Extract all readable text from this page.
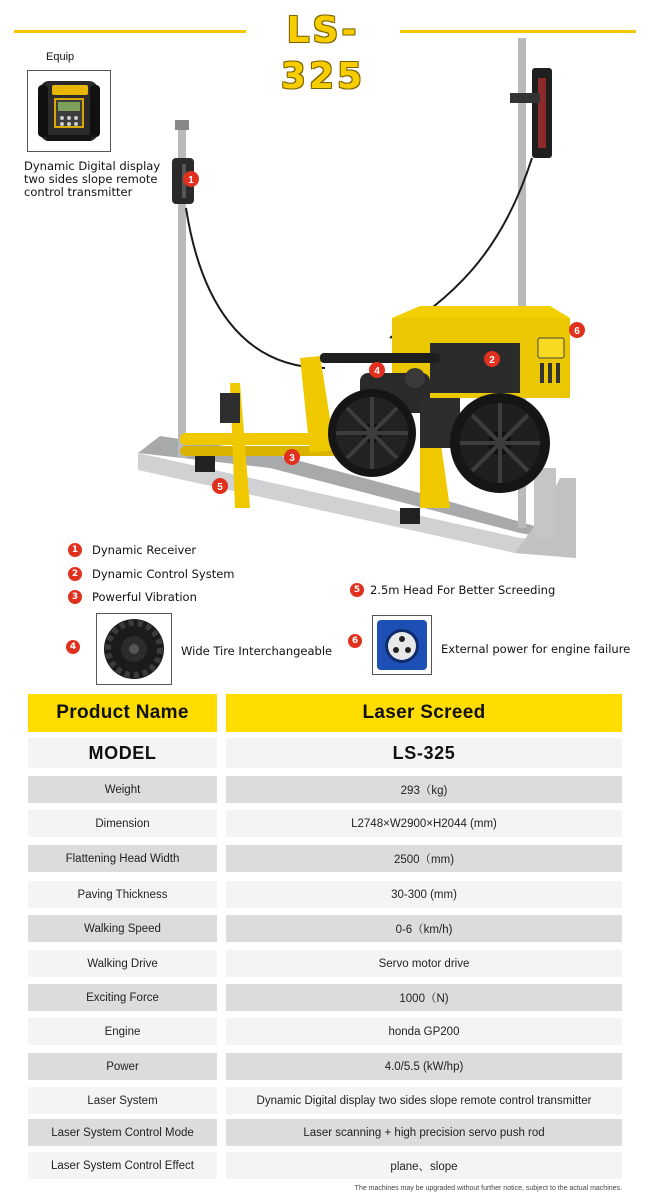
LS-325
Equip
Dynamic Digital display two sides slope remote control transmitter
1
2
3
4
5
6
1	Dynamic Receiver
2	Dynamic Control System
3	Powerful Vibration	5 2.5m Head For Better Screeding
4	Wide Tire Interchangeable
6
External power for engine failure
Product Name	Laser Screed
MODEL	LS-325
Weight	293（kg)
Dimension	L2748×W2900×H2044 (mm)
Flattening Head Width	2500（mm)
Paving Thickness	30-300 (mm)
Walking Speed	0-6（km/h)
Walking Drive	Servo motor drive
Exciting Force	1000（N)
Engine	honda GP200
Power	4.0/5.5 (kW/hp)
Laser System	Dynamic Digital display two sides slope remote control transmitter
Laser System Control Mode	Laser scanning + high precision servo push rod
Laser System Control Effect	plane、slope
The machines may be upgraded without further notice, subject to the actual machines.
